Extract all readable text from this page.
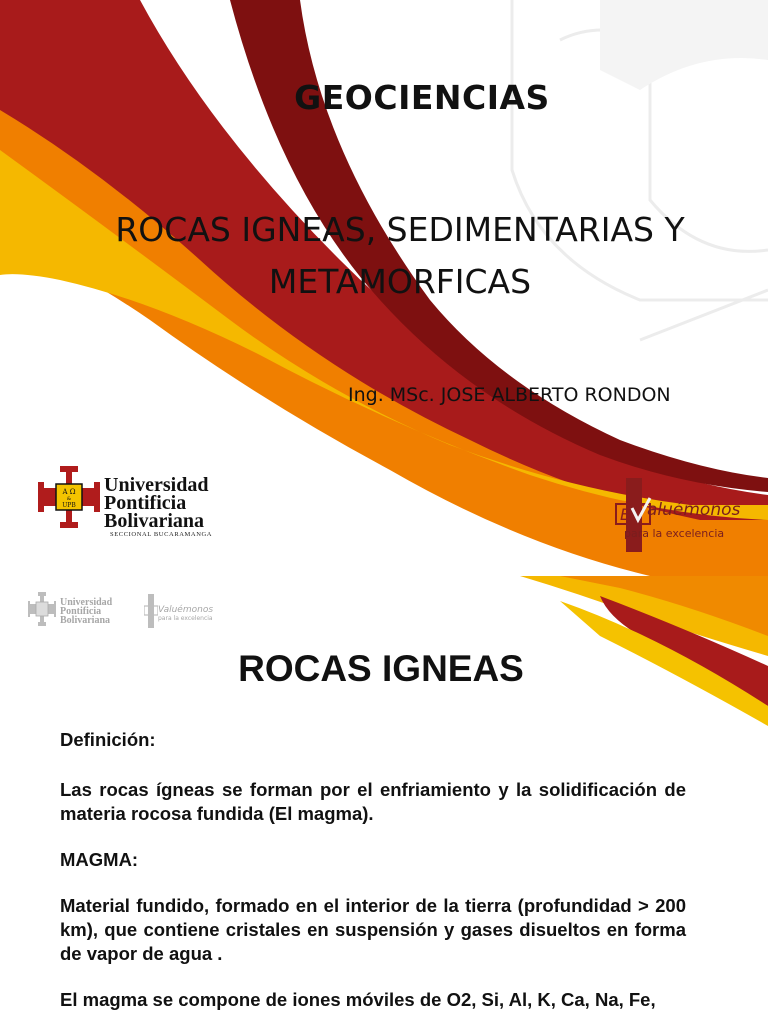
GEOCIENCIAS
ROCAS IGNEAS, SEDIMENTARIAS Y
METAMORFICAS
Ing. MSc. JOSE ALBERTO RONDON
A Ω
&
UPB
Universidad
Pontificia
Bolivariana
SECCIONAL BUCARAMANGA
E aluémonos
para la excelencia
Universidad
Pontificia
Bolivariana
Valuémonos
para la excelencia
ROCAS IGNEAS

Definición:

Las rocas ígneas se forman por el enfriamiento y la solidificación de materia rocosa fundida (El magma).

MAGMA:

Material fundido, formado en el interior de la tierra (profundidad > 200 km), que contiene cristales en suspensión y gases disueltos en forma de vapor de agua .

El magma se compone de iones móviles de O2, Si, Al, K, Ca, Na, Fe,
